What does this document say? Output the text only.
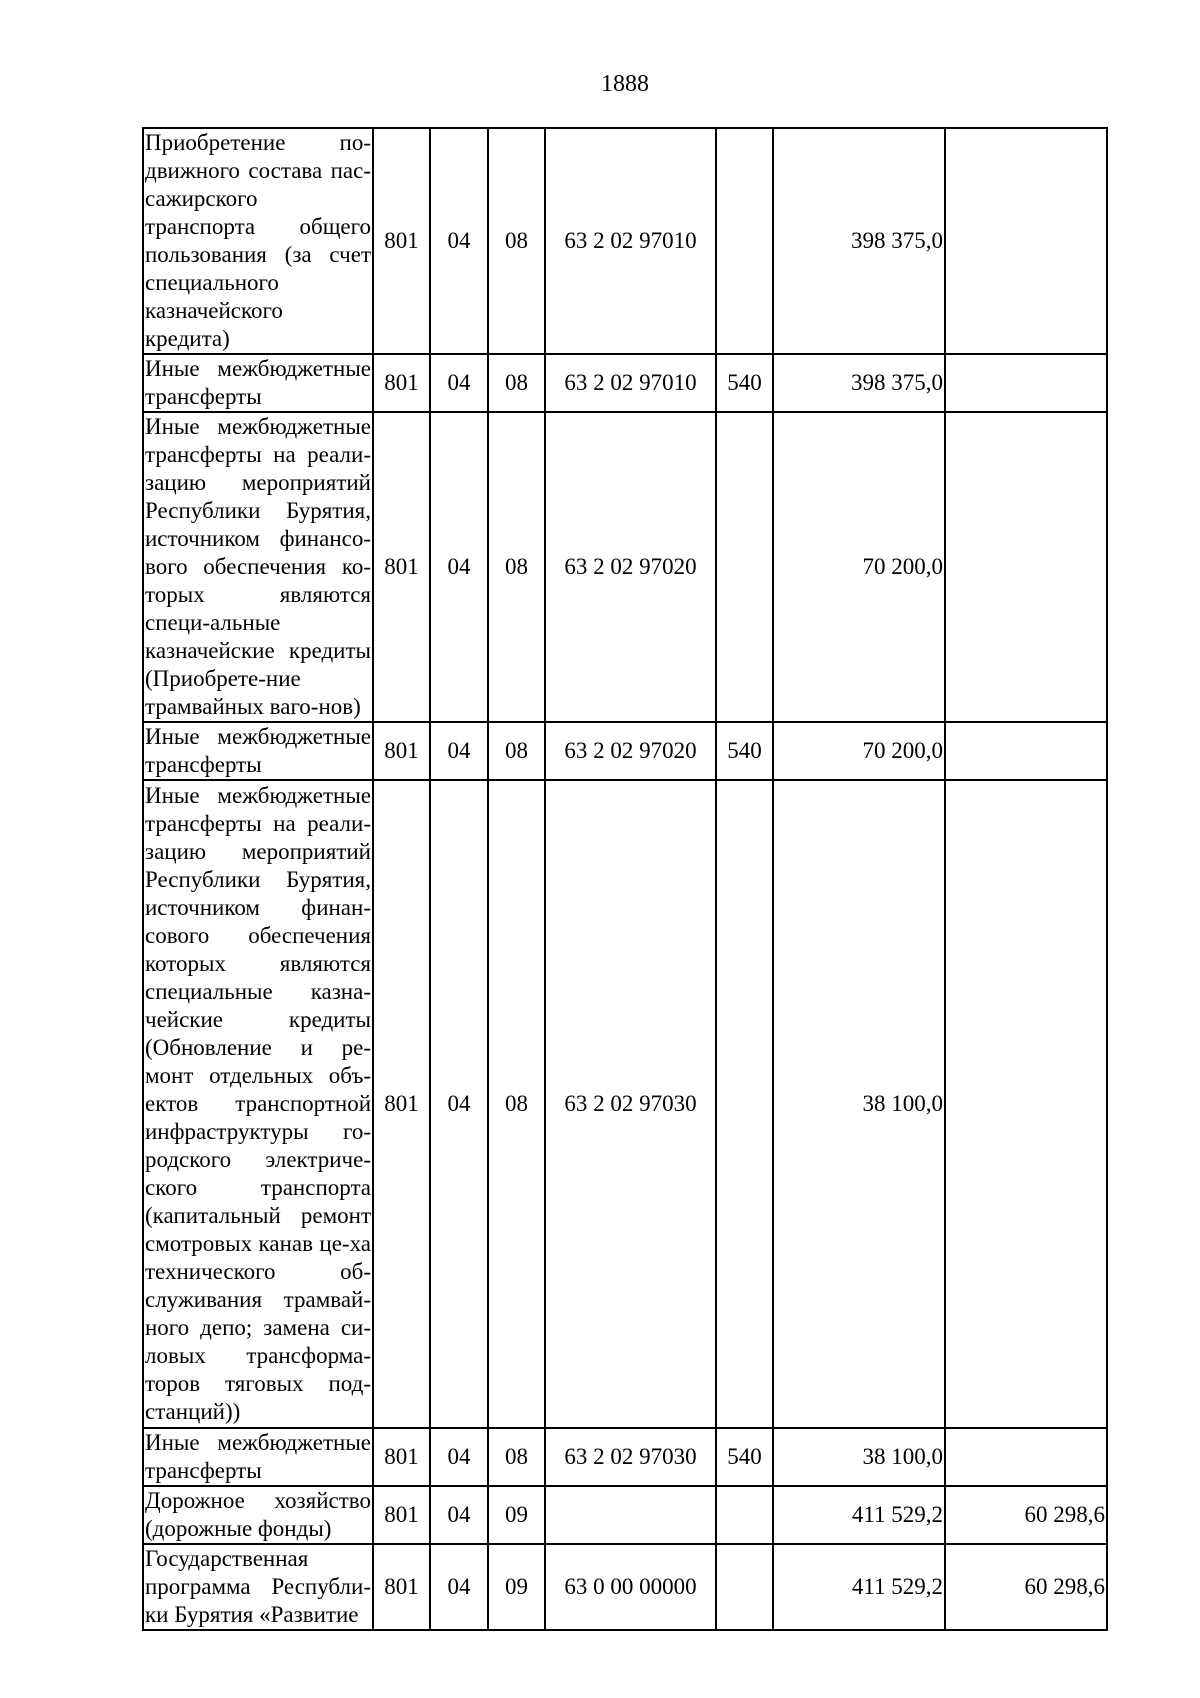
1888
Приобретение по-движного состава пас-сажирского транспорта общего пользования (за счет специального казначейского кредита)	801	04	08	63 2 02 97010		398 375,0	
Иные межбюджетные трансферты	801	04	08	63 2 02 97010	540	398 375,0	
Иные межбюджетные трансферты на реали-зацию мероприятий Республики Бурятия, источником финансо-вого обеспечения ко-торых являются специ-альные казначейские кредиты (Приобрете-ние трамвайных ваго-нов)	801	04	08	63 2 02 97020		70 200,0	
Иные межбюджетные трансферты	801	04	08	63 2 02 97020	540	70 200,0	
Иные межбюджетные трансферты на реали-зацию мероприятий Республики Бурятия, источником финан-сового обеспечения которых являются специальные казна-чейские кредиты (Обновление и ре-монт отдельных объ-ектов транспортной инфраструктуры го-родского электриче-ского транспорта (капитальный ремонт смотровых канав це-ха технического об-служивания трамвай-ного депо; замена си-ловых трансформа-торов тяговых под-станций))	801	04	08	63 2 02 97030		38 100,0	
Иные межбюджетные трансферты	801	04	08	63 2 02 97030	540	38 100,0	
Дорожное хозяйство (дорожные фонды)	801	04	09			411 529,2	60 298,6
Государственная программа Республи-ки Бурятия «Развитие	801	04	09	63 0 00 00000		411 529,2	60 298,6
